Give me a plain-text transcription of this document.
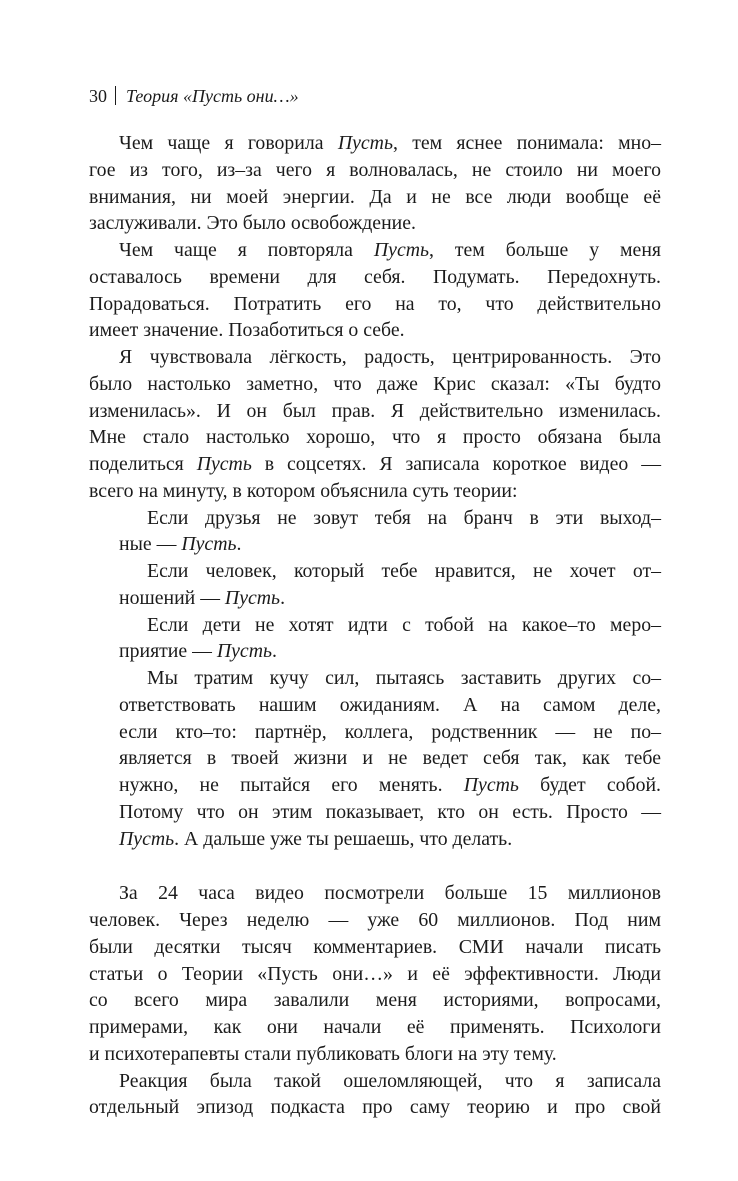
30 Теория «Пусть они…»
Чем чаще я говорила Пусть, тем яснее понимала: мно–
гое из того, из–за чего я волновалась, не стоило ни моего
внимания, ни моей энергии. Да и не все люди вообще её
заслуживали. Это было освобождение.
Чем чаще я повторяла Пусть, тем больше у меня
оставалось времени для себя. Подумать. Передохнуть.
Порадоваться. Потратить его на то, что действительно
имеет значение. Позаботиться о себе.
Я чувствовала лёгкость, радость, центрированность. Это
было настолько заметно, что даже Крис сказал: «Ты будто
изменилась». И он был прав. Я действительно изменилась.
Мне стало настолько хорошо, что я просто обязана была
поделиться Пусть в соцсетях. Я записала короткое видео —
всего на минуту, в котором объяснила суть теории:
Если друзья не зовут тебя на бранч в эти выход–
ные — Пусть.
Если человек, который тебе нравится, не хочет от–
ношений — Пусть.
Если дети не хотят идти с тобой на какое–то меро–
приятие — Пусть.
Мы тратим кучу сил, пытаясь заставить других со–
ответствовать нашим ожиданиям. А на самом деле,
если кто–то: партнёр, коллега, родственник — не по–
является в твоей жизни и не ведет себя так, как тебе
нужно, не пытайся его менять. Пусть будет собой.
Потому что он этим показывает, кто он есть. Просто —
Пусть. А дальше уже ты решаешь, что делать.
За 24 часа видео посмотрели больше 15 миллионов
человек. Через неделю — уже 60 миллионов. Под ним
были десятки тысяч комментариев. СМИ начали писать
статьи о Теории «Пусть они…» и её эффективности. Люди
со всего мира завалили меня историями, вопросами,
примерами, как они начали её применять. Психологи
и психотерапевты стали публиковать блоги на эту тему.
Реакция была такой ошеломляющей, что я записала
отдельный эпизод подкаста про саму теорию и про свой
